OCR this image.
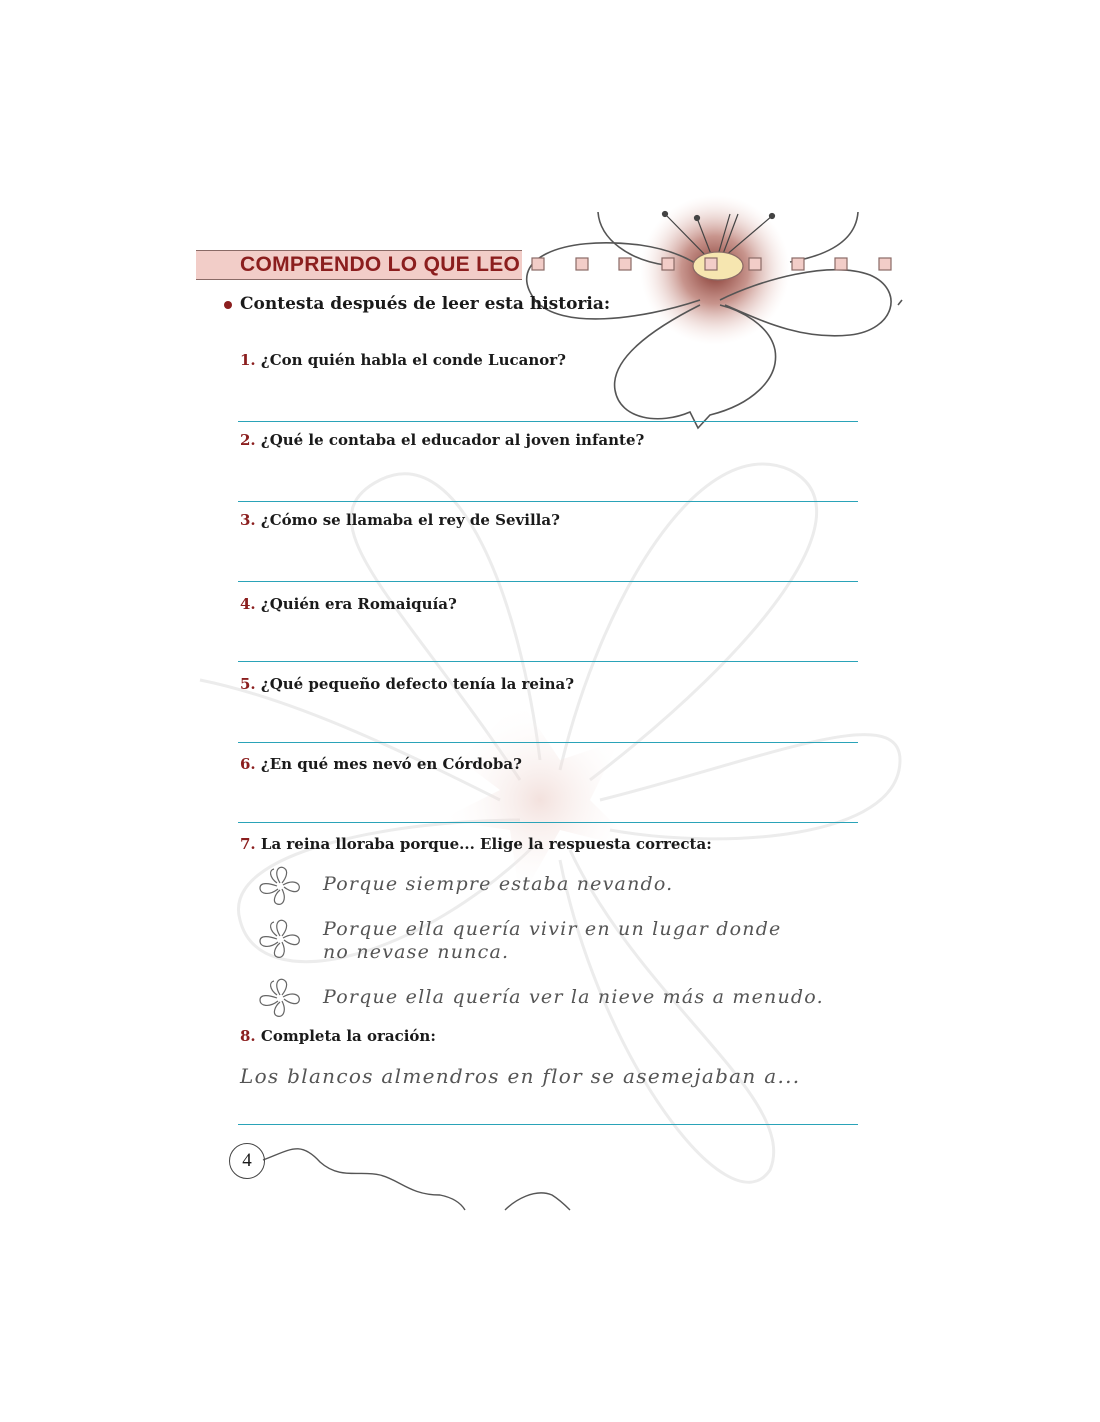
COMPRENDO LO QUE LEO
Contesta después de leer esta historia:
1. ¿Con quién habla el conde Lucanor?
2. ¿Qué le contaba el educador al joven infante?
3. ¿Cómo se llamaba el rey de Sevilla?
4. ¿Quién era Romaiquía?
5. ¿Qué pequeño defecto tenía la reina?
6. ¿En qué mes nevó en Córdoba?
7. La reina lloraba porque... Elige la respuesta correcta:
Porque siempre estaba nevando.
Porque ella quería vivir en un lugar donde
no nevase nunca.
Porque ella quería ver la nieve más a menudo.
8. Completa la oración:
Los blancos almendros en flor se asemejaban a...
4
